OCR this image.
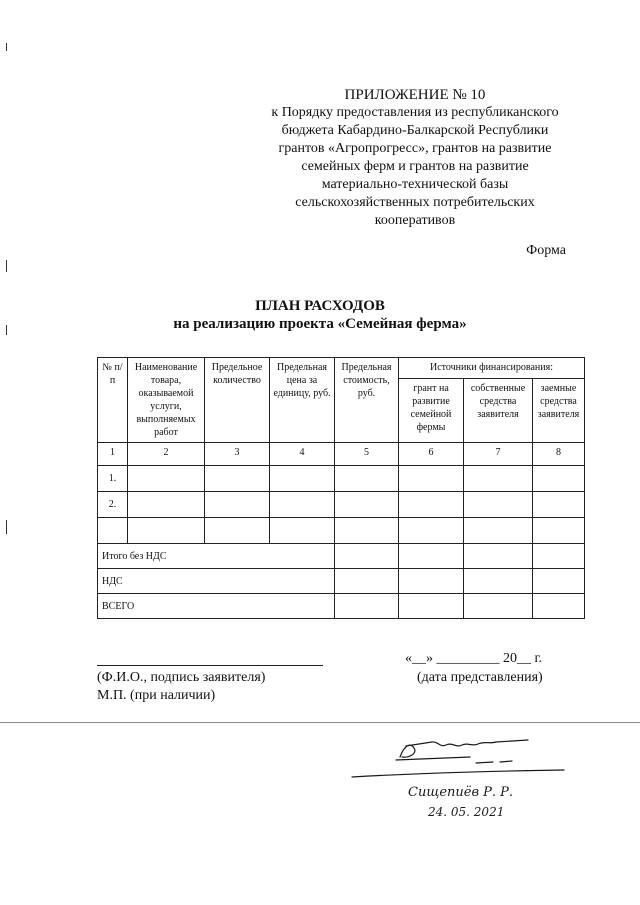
ПРИЛОЖЕНИЕ № 10
к Порядку предоставления из республиканского
бюджета Кабардино-Балкарской Республики
грантов «Агропрогресс», грантов на развитие
семейных ферм и грантов на развитие
материально-технической базы
сельскохозяйственных потребительских
кооперативов
Форма
ПЛАН РАСХОДОВ
на реализацию проекта «Семейная ферма»
№ п/п	Наименование товара, оказываемой услуги, выполняемых работ	Предельное количество	Предельная цена за единицу, руб.	Предельная стоимость, руб.	Источники финансирования:		
					грант на развитие семейной фермы	собственные средства заявителя	заемные средства заявителя
1	2	3	4	5	6	7	8
1.							
2.							

Итого без НДС							
НДС							
ВСЕГО							
(Ф.И.О., подпись заявителя)
М.П. (при наличии)
«__» _________ 20__ г.
(дата представления)
Сищепиёв Р. Р.
24. 05. 2021
